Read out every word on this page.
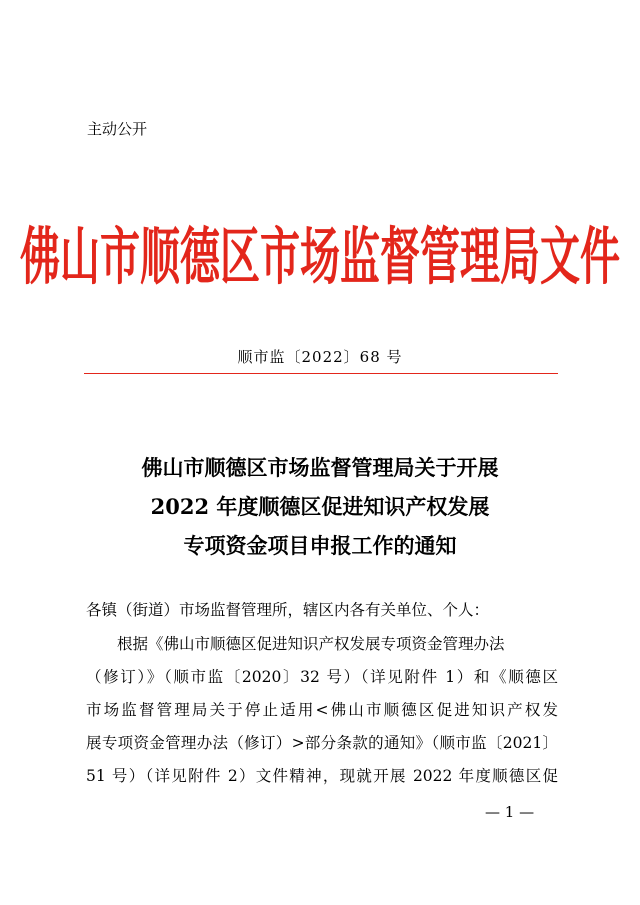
主动公开
佛山市顺德区市场监督管理局文件
顺市监〔2022〕68 号
佛山市顺德区市场监督管理局关于开展
2022 年度顺德区促进知识产权发展
专项资金项目申报工作的通知
各镇（街道）市场监督管理所，辖区内各有关单位、个人：
　　根据《佛山市顺德区促进知识产权发展专项资金管理办法
（修订）》（顺市监〔2020〕32 号）（详见附件 1）和《顺德区
市场监督管理局关于停止适用<佛山市顺德区促进知识产权发
展专项资金管理办法（修订）>部分条款的通知》（顺市监〔2021〕
51 号）（详见附件 2）文件精神，现就开展 2022 年度顺德区促
— 1 —
